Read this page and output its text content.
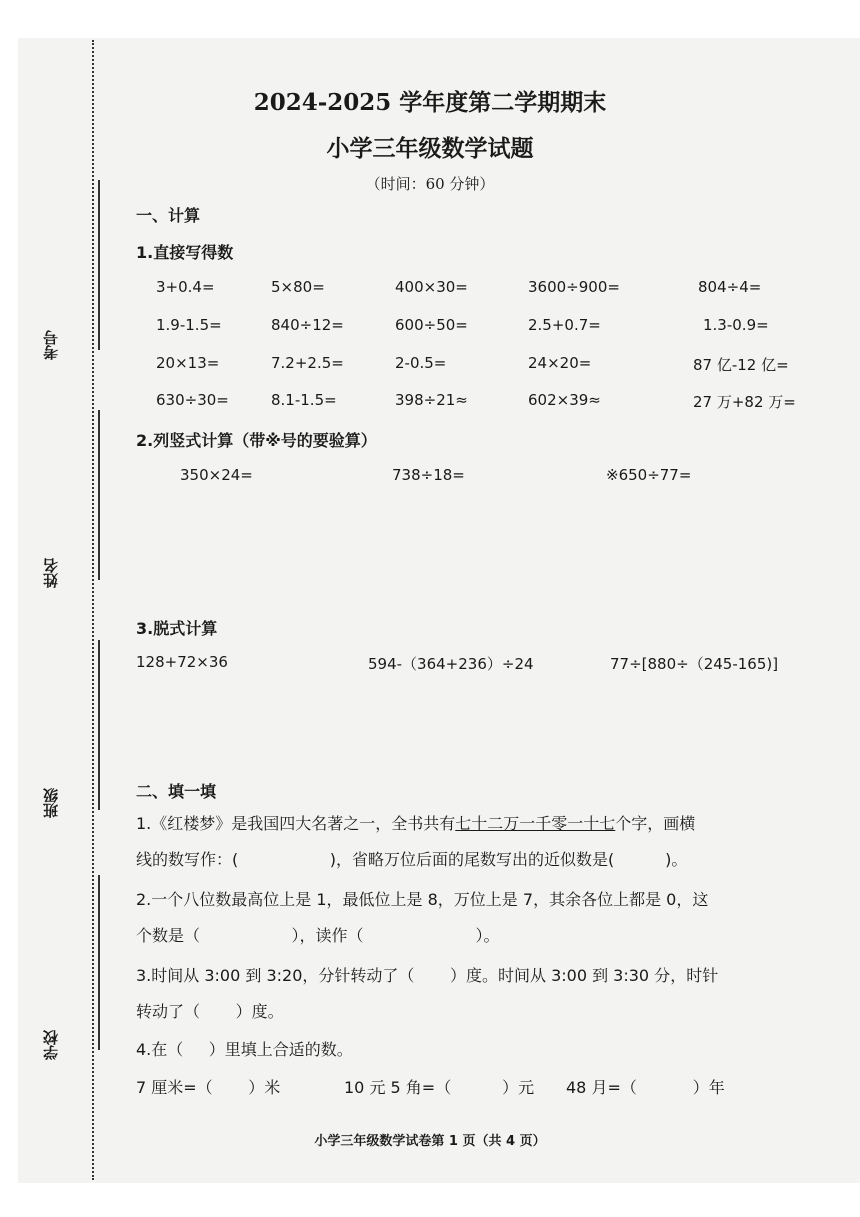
考号
姓名
班级
学校
2024-2025 学年度第二学期期末
小学三年级数学试题
（时间：60 分钟）
一、计算
1.直接写得数
3+0.4=	5×80=	400×30=	3600÷900=	804÷4=
1.9-1.5=	840÷12=	600÷50=	2.5+0.7=	1.3-0.9=
20×13=	7.2+2.5=	2-0.5=	24×20=	87 亿-12 亿=
630÷30=	8.1-1.5=	398÷21≈	602×39≈	27 万+82 万=
2.列竖式计算（带※号的要验算）
350×24=	738÷18=	※650÷77=
3.脱式计算
128+72×36	594-（364+236）÷24	77÷[880÷（245-165)]
二、填一填
1.《红楼梦》是我国四大名著之一，全书共有七十二万一千零一十七个字，画横
线的数写作：(                  )，省略万位后面的尾数写出的近似数是(          )。
2.一个八位数最高位上是 1，最低位上是 8，万位上是 7，其余各位上都是 0，这
个数是（                  ），读作（                      ）。
3.时间从 3:00 到 3:20，分针转动了（       ）度。时间从 3:00 到 3:30 分，时针
转动了（       ）度。
4.在（     ）里填上合适的数。
7 厘米=（       ）米	10 元 5 角=（          ）元 48 月=（           ）年
小学三年级数学试卷第 1 页（共 4 页）
